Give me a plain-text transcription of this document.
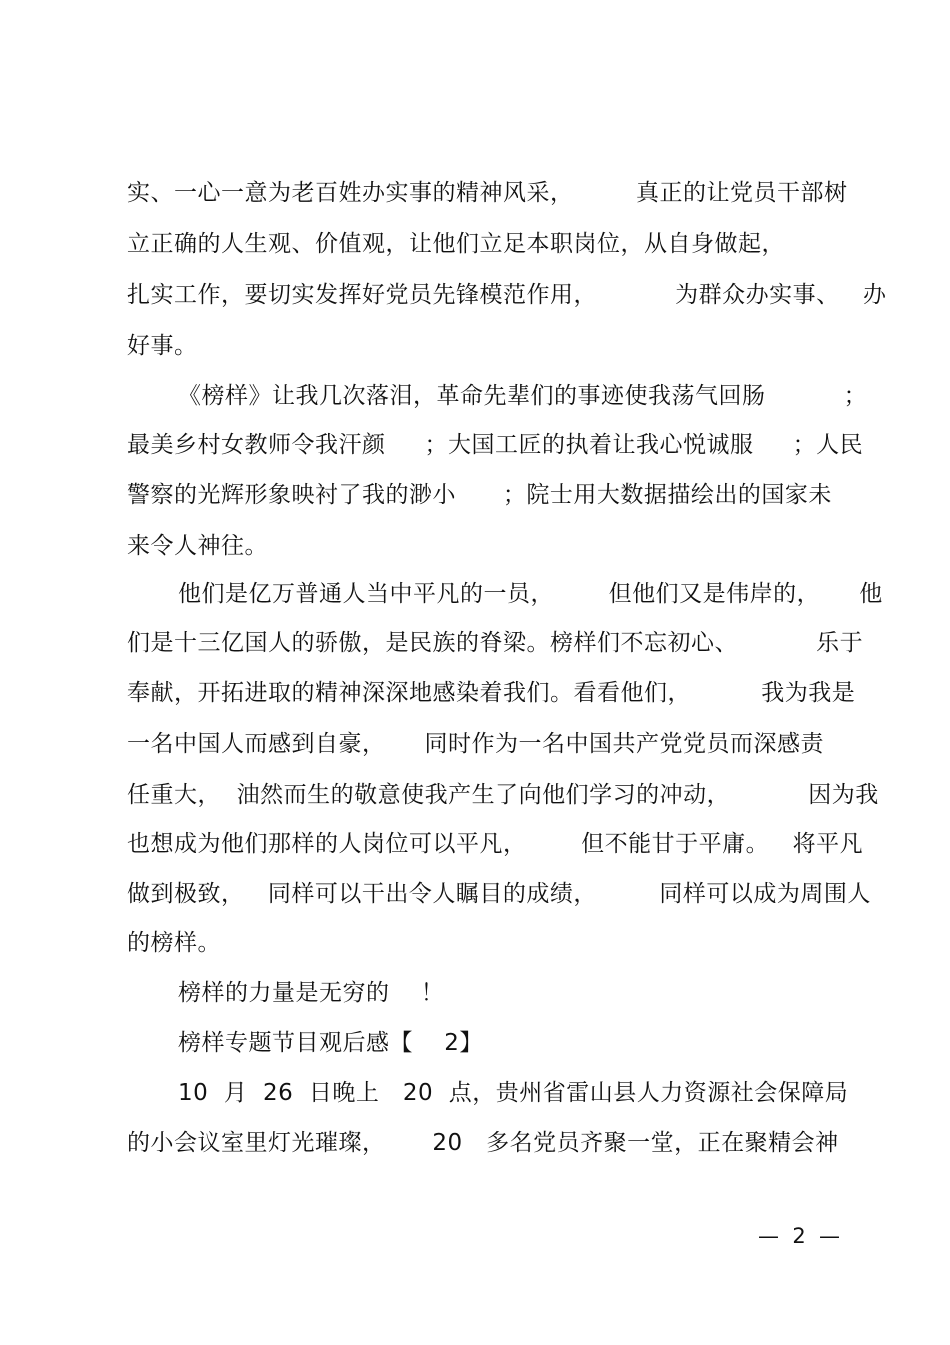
实、一心一意为老百姓办实事的精神风采，        真正的让党员干部树
立正确的人生观、价值观，让他们立足本职岗位，从自身做起，
扎实工作，要切实发挥好党员先锋模范作用，          为群众办实事、   办
好事。
《榜样》让我几次落泪，革命先辈们的事迹使我荡气回肠          ；
最美乡村女教师令我汗颜     ；大国工匠的执着让我心悦诚服     ；人民
警察的光辉形象映衬了我的渺小      ；院士用大数据描绘出的国家未
来令人神往。
他们是亿万普通人当中平凡的一员，       但他们又是伟岸的，     他
们是十三亿国人的骄傲，是民族的脊梁。榜样们不忘初心、          乐于
奉献，开拓进取的精神深深地感染着我们。看看他们，         我为我是
一名中国人而感到自豪，     同时作为一名中国共产党党员而深感责
任重大，  油然而生的敬意使我产生了向他们学习的冲动，          因为我
也想成为他们那样的人岗位可以平凡，       但不能甘于平庸。   将平凡
做到极致，   同样可以干出令人瞩目的成绩，        同样可以成为周围人
的榜样。
榜样的力量是无穷的    ！
榜样专题节目观后感【    2】
10  月  26  日晚上   20  点，贵州省雷山县人力资源社会保障局
的小会议室里灯光璀璨，      20   多名党员齐聚一堂，正在聚精会神
—  2  —
